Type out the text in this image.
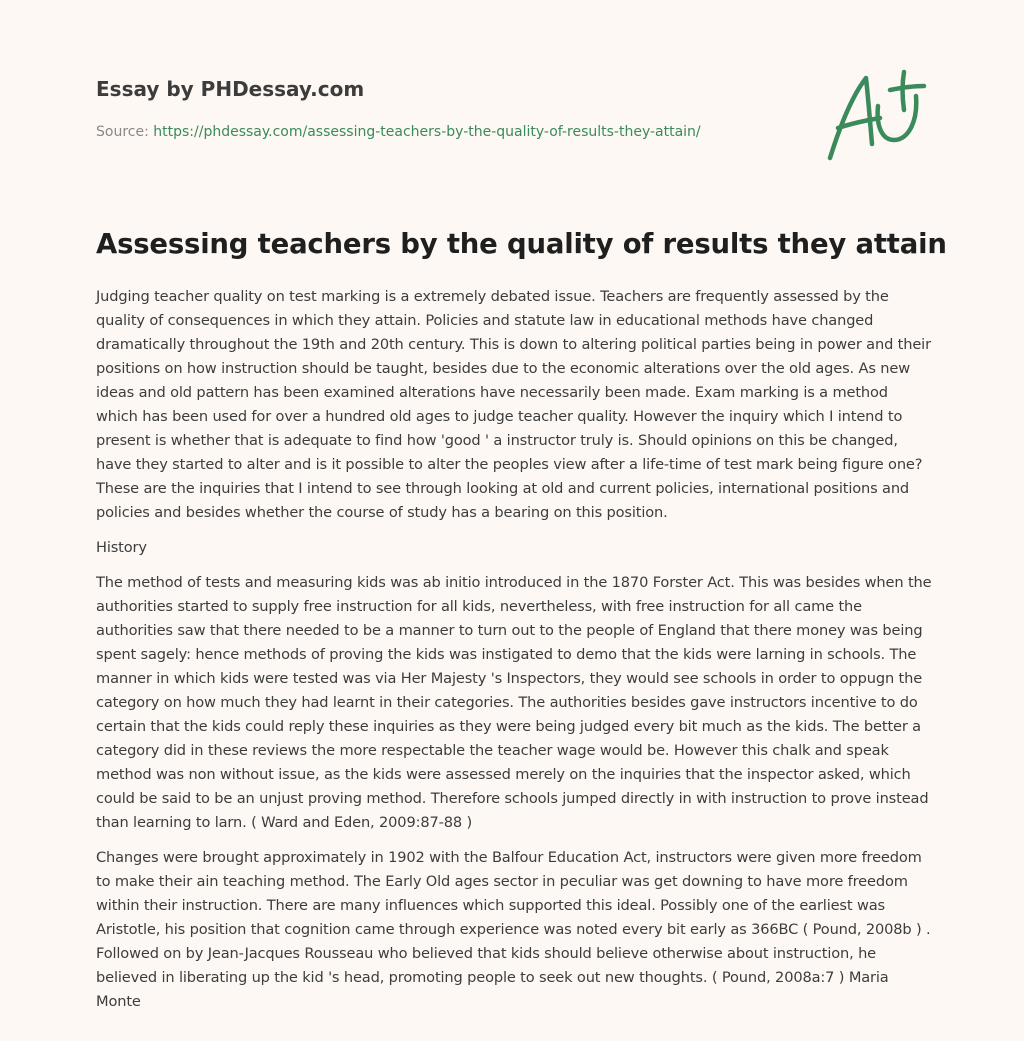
Essay by PHDessay.com
Source: https://phdessay.com/assessing-teachers-by-the-quality-of-results-they-attain/
Assessing teachers by the quality of results they attain

Judging teacher quality on test marking is a extremely debated issue. Teachers are frequently assessed by the quality of consequences in which they attain. Policies and statute law in educational methods have changed dramatically throughout the 19th and 20th century. This is down to altering political parties being in power and their positions on how instruction should be taught, besides due to the economic alterations over the old ages. As new ideas and old pattern has been examined alterations have necessarily been made. Exam marking is a method which has been used for over a hundred old ages to judge teacher quality. However the inquiry which I intend to present is whether that is adequate to find how 'good ' a instructor truly is. Should opinions on this be changed, have they started to alter and is it possible to alter the peoples view after a life-time of test mark being figure one? These are the inquiries that I intend to see through looking at old and current policies, international positions and policies and besides whether the course of study has a bearing on this position.

History

The method of tests and measuring kids was ab initio introduced in the 1870 Forster Act. This was besides when the authorities started to supply free instruction for all kids, nevertheless, with free instruction for all came the authorities saw that there needed to be a manner to turn out to the people of England that there money was being spent sagely: hence methods of proving the kids was instigated to demo that the kids were larning in schools. The manner in which kids were tested was via Her Majesty 's Inspectors, they would see schools in order to oppugn the category on how much they had learnt in their categories. The authorities besides gave instructors incentive to do certain that the kids could reply these inquiries as they were being judged every bit much as the kids. The better a category did in these reviews the more respectable the teacher wage would be. However this chalk and speak method was non without issue, as the kids were assessed merely on the inquiries that the inspector asked, which could be said to be an unjust proving method. Therefore schools jumped directly in with instruction to prove instead than learning to larn. ( Ward and Eden, 2009:87-88 )

Changes were brought approximately in 1902 with the Balfour Education Act, instructors were given more freedom to make their ain teaching method. The Early Old ages sector in peculiar was get downing to have more freedom within their instruction. There are many influences which supported this ideal. Possibly one of the earliest was Aristotle, his position that cognition came through experience was noted every bit early as 366BC ( Pound, 2008b ) . Followed on by Jean-Jacques Rousseau who believed that kids should believe otherwise about instruction, he believed in liberating up the kid 's head, promoting people to seek out new thoughts. ( Pound, 2008a:7 ) Maria Monte
